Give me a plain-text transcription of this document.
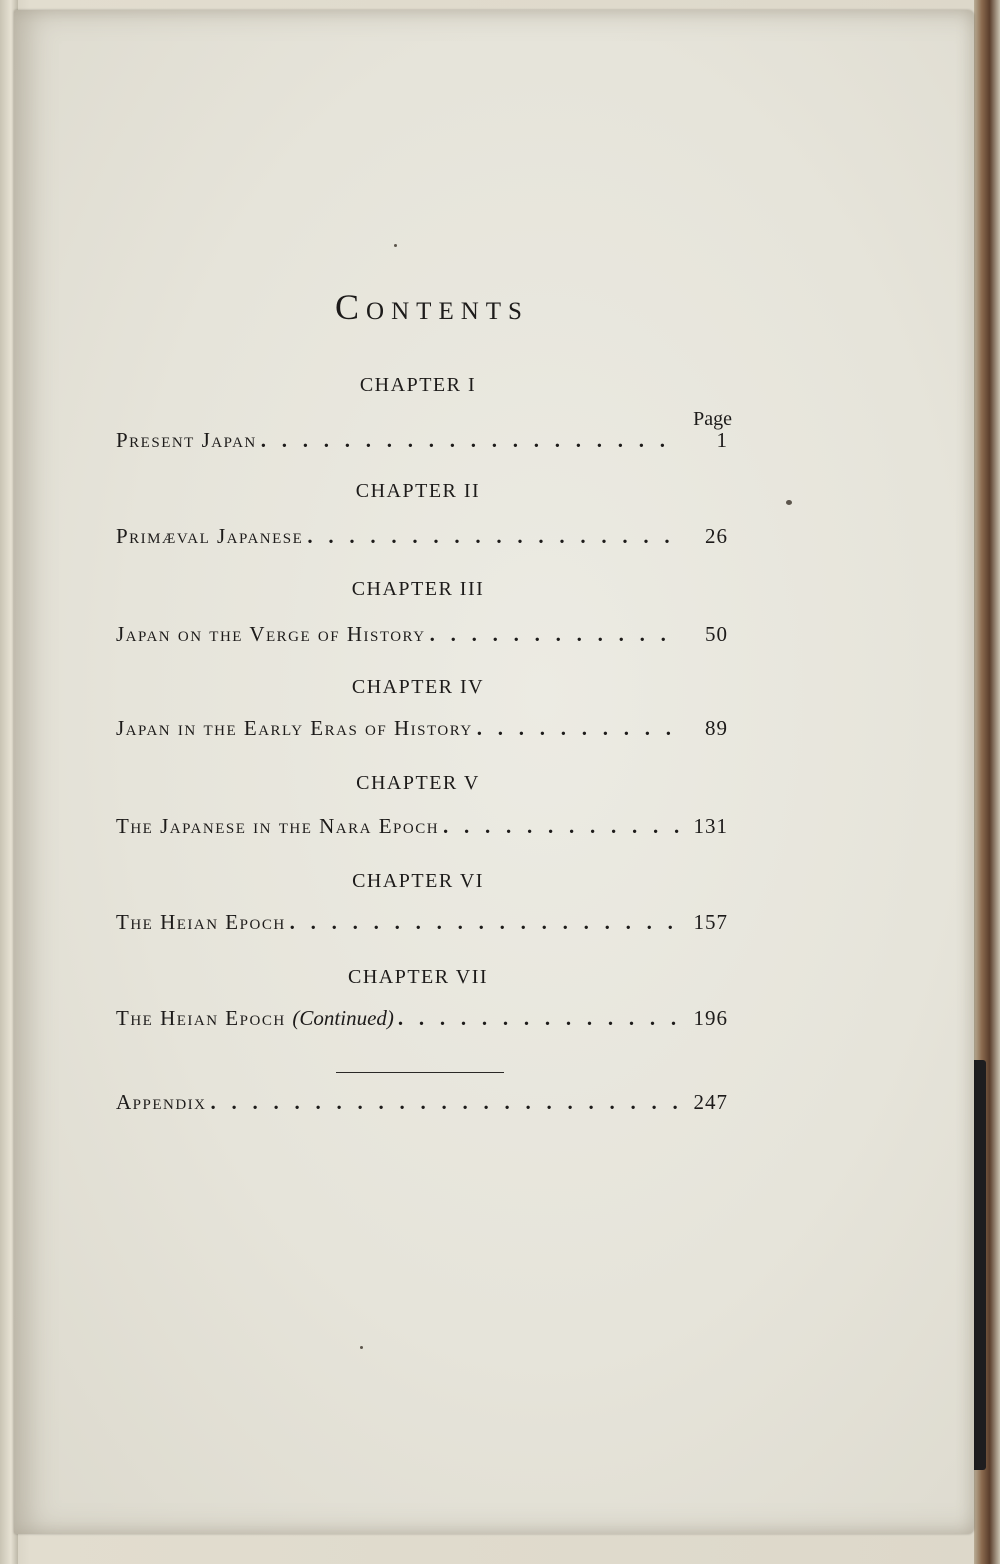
Contents
Page
CHAPTER I
Present Japan . .	1
CHAPTER II
Primæval Japanese . .	26
CHAPTER III
Japan on the Verge of History . .	50
CHAPTER IV
Japan in the Early Eras of History . .	89
CHAPTER V
The Japanese in the Nara Epoch . .	131
CHAPTER VI
The Heian Epoch . .	157
CHAPTER VII
The Heian Epoch (Continued) . .	196
Appendix . .	247
